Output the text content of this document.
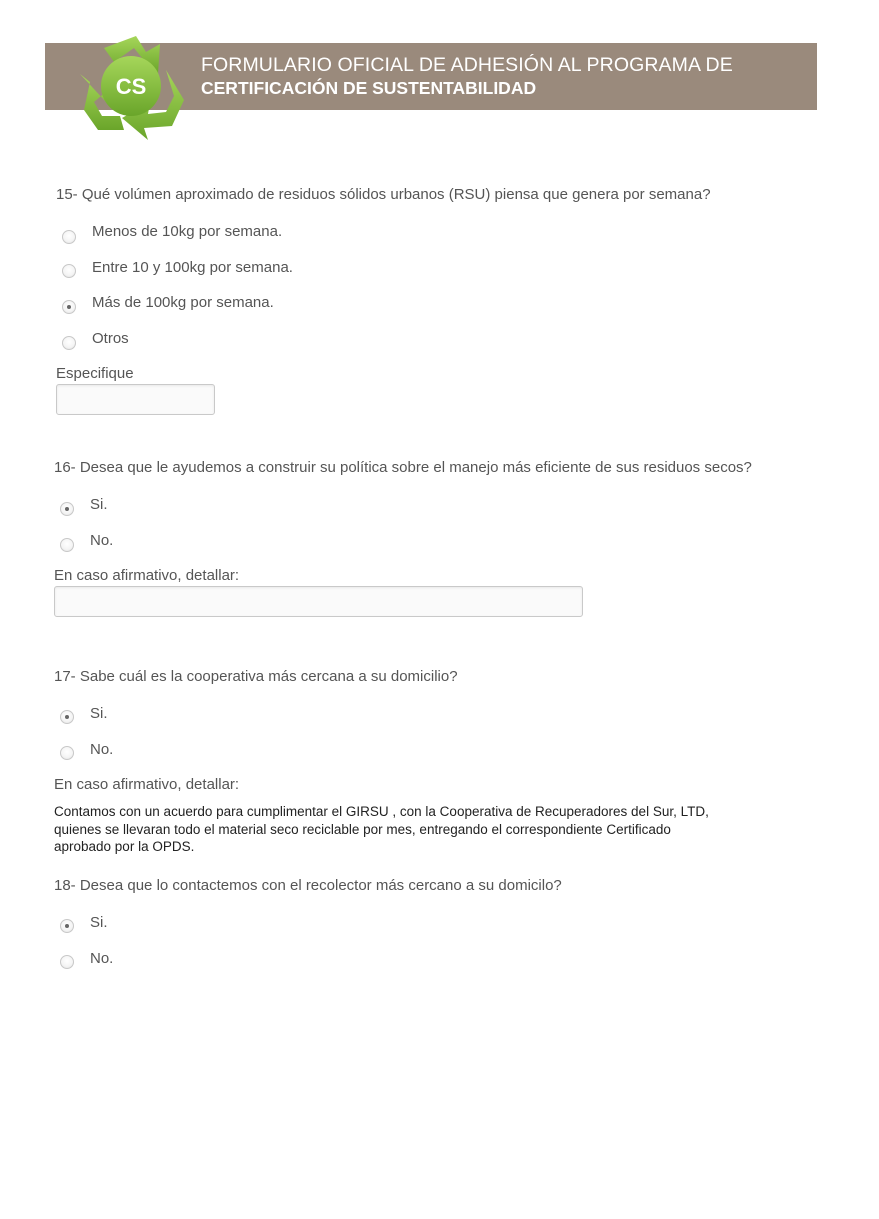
CS
FORMULARIO OFICIAL DE ADHESIÓN AL PROGRAMA DE
CERTIFICACIÓN DE SUSTENTABILIDAD
15- Qué volúmen aproximado de residuos sólidos urbanos (RSU) piensa que genera por semana?
Menos de 10kg por semana.
Entre 10 y 100kg por semana.
Más de 100kg por semana.
Otros
Especifique
16- Desea que le ayudemos a construir su política sobre el manejo más eficiente de sus residuos secos?
Si.
No.
En caso afirmativo, detallar:
17- Sabe cuál es la cooperativa más cercana a su domicilio?
Si.
No.
En caso afirmativo, detallar:
Contamos con un acuerdo para cumplimentar el GIRSU , con la Cooperativa de Recuperadores del Sur, LTD,
quienes se llevaran todo el material seco reciclable por mes, entregando el correspondiente Certificado
aprobado por la OPDS.
18- Desea que lo contactemos con el recolector más cercano a su domicilo?
Si.
No.
